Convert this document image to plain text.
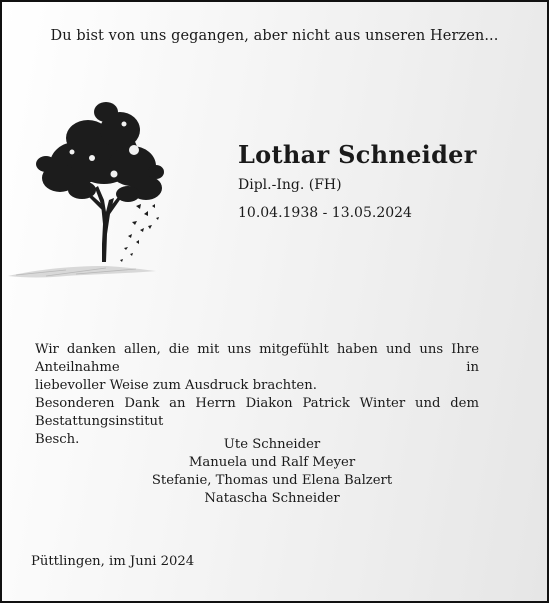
Du bist von uns gegangen, aber nicht aus unseren Herzen...
Lothar Schneider
Dipl.-Ing. (FH)
10.04.1938 - 13.05.2024
Wir danken allen, die mit uns mitgefühlt haben und uns Ihre Anteilnahme in
liebevoller Weise zum Ausdruck brachten.
Besonderen Dank an Herrn Diakon Patrick Winter und dem Bestattungsinstitut
Besch.	Ute Schneider
Manuela und Ralf Meyer
Stefanie, Thomas und Elena Balzert
Natascha Schneider
Püttlingen, im Juni 2024
